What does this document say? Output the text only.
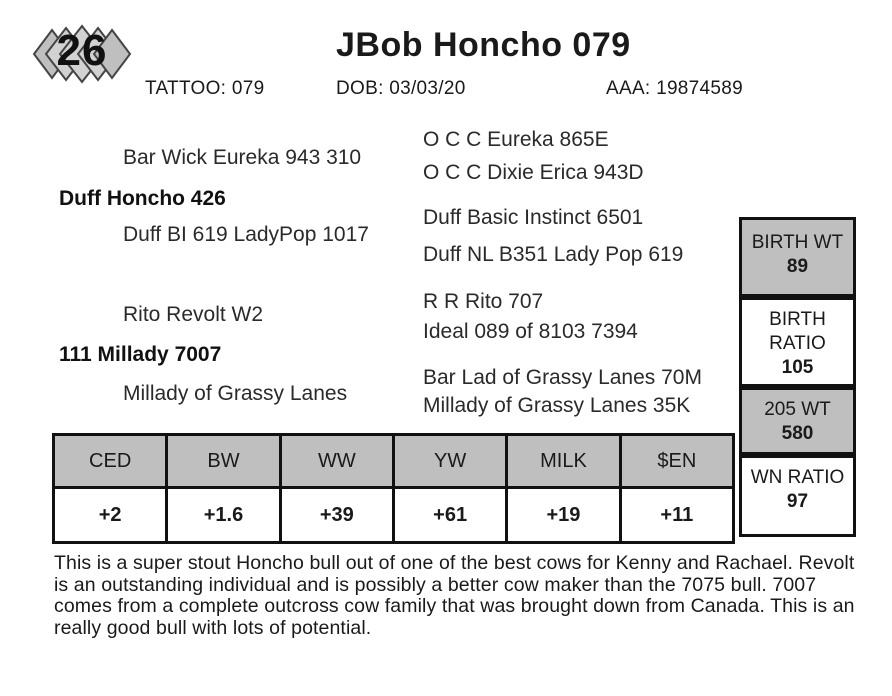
26	JBob Honcho 079
TATTOO: 079	DOB: 03/03/20	AAA: 19874589
Bar Wick Eureka 943 310
O C C Eureka 865E
O C C Dixie Erica 943D
Duff Honcho 426
Duff Basic Instinct 6501
Duff BI 619 LadyPop 1017
Duff NL B351 Lady Pop 619
R R Rito 707
Rito Revolt W2
Ideal 089 of 8103 7394
111 Millady 7007
Bar Lad of Grassy Lanes 70M
Millady of Grassy Lanes
Millady of Grassy Lanes 35K
CED	BW	WW	YW	MILK	$EN
+2	+1.6	+39	+61	+19	+11
BIRTH WT
89
BIRTH
RATIO
105
205 WT
580
WN RATIO
97
This is a super stout Honcho bull out of one of the best cows for Kenny and Rachael. Revolt is an outstanding individual and is possibly a better cow maker than the 7075 bull. 7007 comes from a complete outcross cow family that was brought down from Canada. This is an really good bull with lots of potential.
